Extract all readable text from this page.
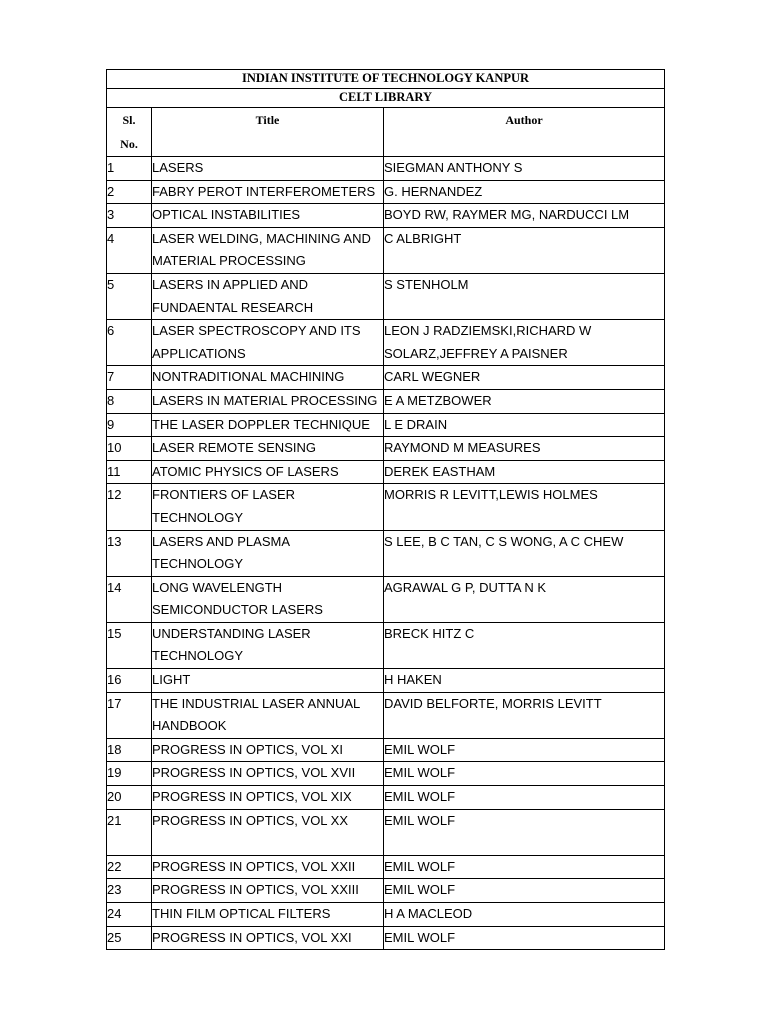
INDIAN INSTITUTE OF TECHNOLOGY KANPUR		
CELT LIBRARY		

Sl.
No.	Title	Author
1	LASERS	SIEGMAN ANTHONY S
2	FABRY PEROT INTERFEROMETERS	G. HERNANDEZ
3	OPTICAL INSTABILITIES	BOYD RW, RAYMER MG, NARDUCCI LM
4	LASER WELDING, MACHINING AND MATERIAL PROCESSING	C ALBRIGHT
5	LASERS IN APPLIED AND FUNDAENTAL RESEARCH	S STENHOLM
6	LASER SPECTROSCOPY AND ITS APPLICATIONS	LEON J RADZIEMSKI,RICHARD W SOLARZ,JEFFREY A PAISNER
7	NONTRADITIONAL MACHINING	CARL WEGNER
8	LASERS IN MATERIAL PROCESSING	E A METZBOWER
9	THE LASER DOPPLER TECHNIQUE	L E DRAIN
10	LASER REMOTE SENSING	RAYMOND M MEASURES
11	ATOMIC PHYSICS OF LASERS	DEREK EASTHAM
12	FRONTIERS OF LASER TECHNOLOGY	MORRIS R LEVITT,LEWIS HOLMES
13	LASERS AND PLASMA TECHNOLOGY	S LEE, B C TAN, C S WONG, A C CHEW
14	LONG WAVELENGTH SEMICONDUCTOR LASERS	AGRAWAL G P, DUTTA N K
15	UNDERSTANDING LASER TECHNOLOGY	BRECK HITZ C
16	LIGHT	H HAKEN
17	THE INDUSTRIAL LASER ANNUAL HANDBOOK	DAVID BELFORTE, MORRIS LEVITT
18	PROGRESS IN OPTICS, VOL XI	EMIL WOLF
19	PROGRESS IN OPTICS, VOL XVII	EMIL WOLF
20	PROGRESS IN OPTICS, VOL XIX	EMIL WOLF
21	PROGRESS IN OPTICS, VOL XX	EMIL WOLF
22	PROGRESS IN OPTICS, VOL XXII	EMIL WOLF
23	PROGRESS IN OPTICS, VOL XXIII	EMIL WOLF
24	THIN FILM OPTICAL FILTERS	H A MACLEOD
25	PROGRESS IN OPTICS, VOL XXI	EMIL WOLF
